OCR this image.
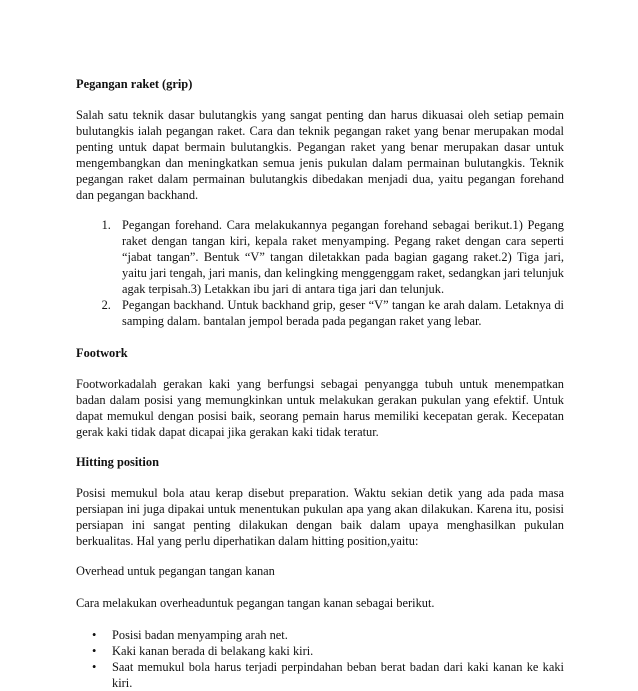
Pegangan raket (grip)

Salah satu teknik dasar bulutangkis yang sangat penting dan harus dikuasai oleh setiap pemain bulutangkis ialah pegangan raket. Cara dan teknik pegangan raket yang benar merupakan modal penting untuk dapat bermain bulutangkis. Pegangan raket yang benar merupakan dasar untuk mengembangkan dan meningkatkan semua jenis pukulan dalam permainan bulutangkis. Teknik pegangan raket dalam permainan bulutangkis dibedakan menjadi dua, yaitu pegangan forehand dan pegangan backhand.

1. Pegangan forehand. Cara melakukannya pegangan forehand sebagai berikut.1) Pegang raket dengan tangan kiri, kepala raket menyamping. Pegang raket dengan cara seperti “jabat tangan”. Bentuk “V” tangan diletakkan pada bagian gagang raket.2) Tiga jari, yaitu jari tengah, jari manis, dan kelingking menggenggam raket, sedangkan jari telunjuk agak terpisah.3) Letakkan ibu jari di antara tiga jari dan telunjuk.
2. Pegangan backhand. Untuk backhand grip, geser “V” tangan ke arah dalam. Letaknya di samping dalam. bantalan jempol berada pada pegangan raket yang lebar.
Footwork

Footworkadalah gerakan kaki yang berfungsi sebagai penyangga tubuh untuk menempatkan badan dalam posisi yang memungkinkan untuk melakukan gerakan pukulan yang efektif. Untuk dapat memukul dengan posisi baik, seorang pemain harus memiliki kecepatan gerak. Kecepatan gerak kaki tidak dapat dicapai jika gerakan kaki tidak teratur.

Hitting position

Posisi memukul bola atau kerap disebut preparation. Waktu sekian detik yang ada pada masa persiapan ini juga dipakai untuk menentukan pukulan apa yang akan dilakukan. Karena itu, posisi persiapan ini sangat penting dilakukan dengan baik dalam upaya menghasilkan pukulan berkualitas. Hal yang perlu diperhatikan dalam hitting position,yaitu:

Overhead untuk pegangan tangan kanan

Cara melakukan overheaduntuk pegangan tangan kanan sebagai berikut.

• Posisi badan menyamping arah net.
• Kaki kanan berada di belakang kaki kiri.
• Saat memukul bola harus terjadi perpindahan beban berat badan dari kaki kanan ke kaki kiri.
